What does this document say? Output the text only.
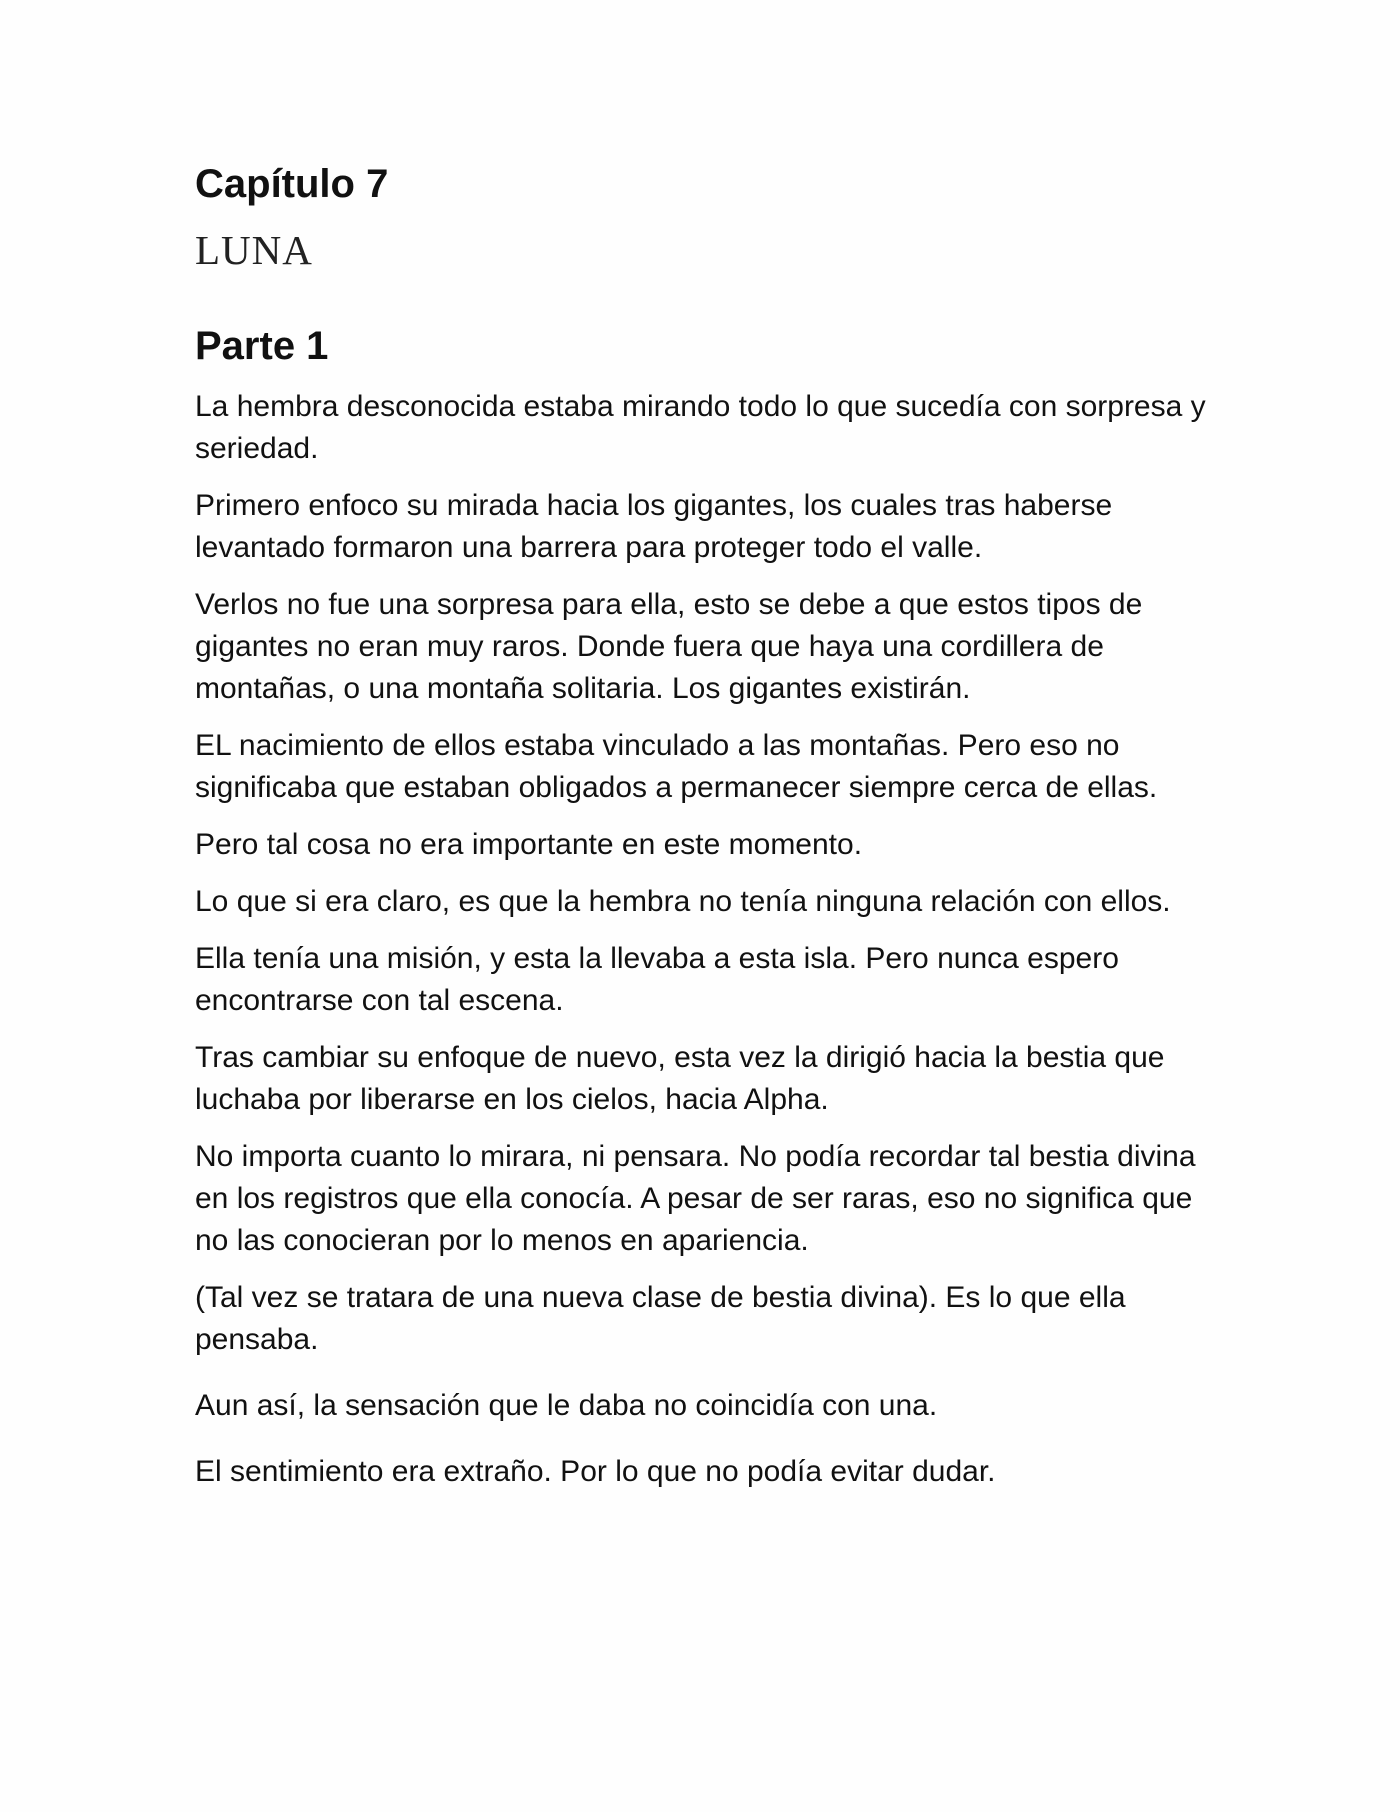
Capítulo 7
LUNA
Parte 1

La hembra desconocida estaba mirando todo lo que sucedía con sorpresa y seriedad.

Primero enfoco su mirada hacia los gigantes, los cuales tras haberse levantado formaron una barrera para proteger todo el valle.

Verlos no fue una sorpresa para ella, esto se debe a que estos tipos de gigantes no eran muy raros. Donde fuera que haya una cordillera de montañas, o una montaña solitaria. Los gigantes existirán.

EL nacimiento de ellos estaba vinculado a las montañas. Pero eso no significaba que estaban obligados a permanecer siempre cerca de ellas.

Pero tal cosa no era importante en este momento.

Lo que si era claro, es que la hembra no tenía ninguna relación con ellos.

Ella tenía una misión, y esta la llevaba a esta isla. Pero nunca espero encontrarse con tal escena.

Tras cambiar su enfoque de nuevo, esta vez la dirigió hacia la bestia que luchaba por liberarse en los cielos, hacia Alpha.

No importa cuanto lo mirara, ni pensara. No podía recordar tal bestia divina en los registros que ella conocía. A pesar de ser raras, eso no significa que no las conocieran por lo menos en apariencia.

(Tal vez se tratara de una nueva clase de bestia divina). Es lo que ella pensaba.

Aun así, la sensación que le daba no coincidía con una.

El sentimiento era extraño. Por lo que no podía evitar dudar.
